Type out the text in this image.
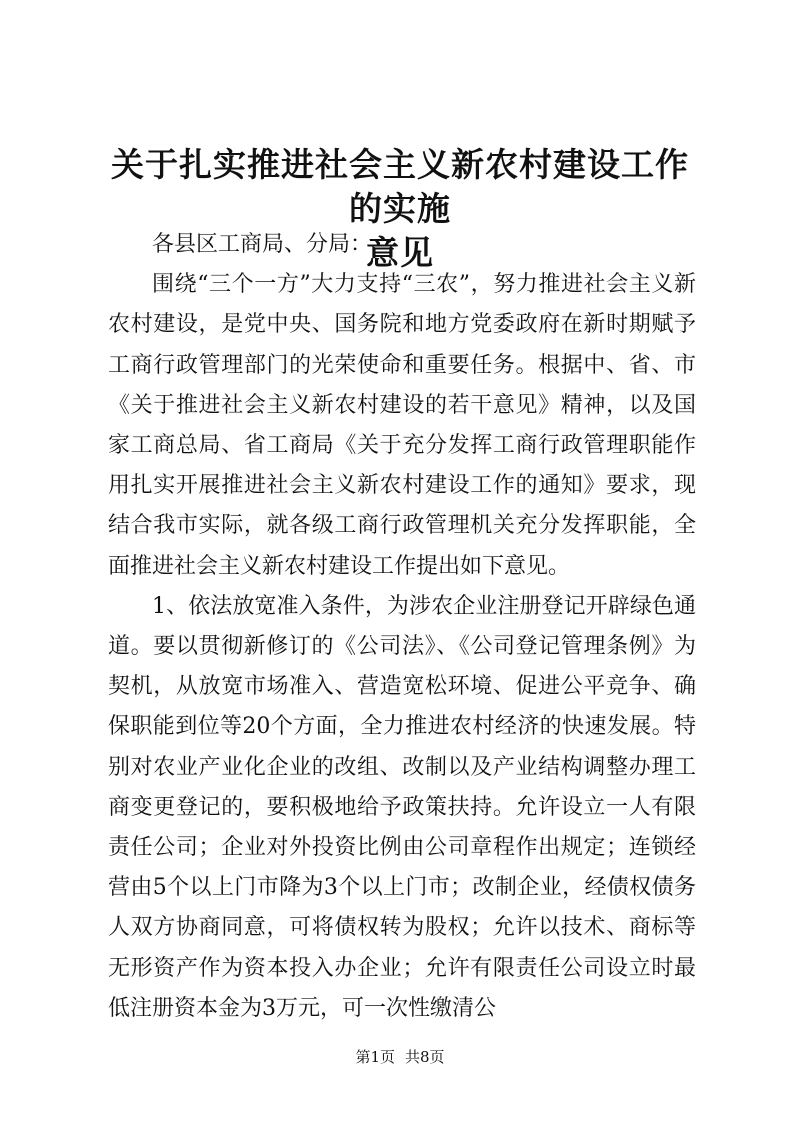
关于扎实推进社会主义新农村建设工作的实施
意见

各县区工商局、分局：

围绕“三个一方”大力支持“三农”，努力推进社会主义新农村建设，是党中央、国务院和地方党委政府在新时期赋予工商行政管理部门的光荣使命和重要任务。根据中、省、市《关于推进社会主义新农村建设的若干意见》精神，以及国家工商总局、省工商局《关于充分发挥工商行政管理职能作用扎实开展推进社会主义新农村建设工作的通知》要求，现结合我市实际，就各级工商行政管理机关充分发挥职能，全面推进社会主义新农村建设工作提出如下意见。

1、依法放宽准入条件，为涉农企业注册登记开辟绿色通道。要以贯彻新修订的《公司法》、《公司登记管理条例》为契机，从放宽市场准入、营造宽松环境、促进公平竞争、确保职能到位等20个方面，全力推进农村经济的快速发展。特别对农业产业化企业的改组、改制以及产业结构调整办理工商变更登记的，要积极地给予政策扶持。允许设立一人有限责任公司；企业对外投资比例由公司章程作出规定；连锁经营由5个以上门市降为3个以上门市；改制企业，经债权债务人双方协商同意，可将债权转为股权；允许以技术、商标等无形资产作为资本投入办企业；允许有限责任公司设立时最低注册资本金为3万元，可一次性缴清公

第1页 共8页
